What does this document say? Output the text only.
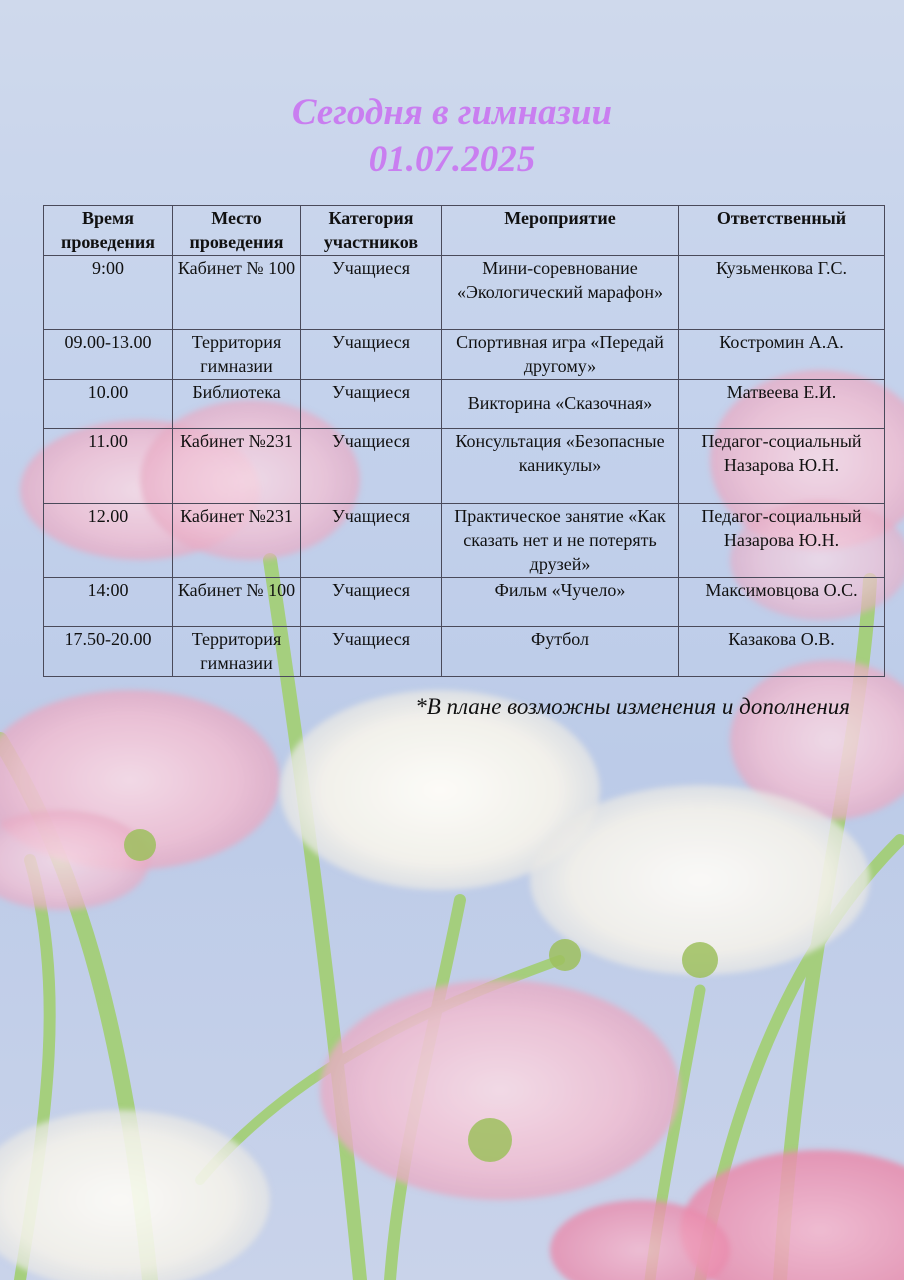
Сегодня в гимназии
01.07.2025
Время проведения	Место проведения	Категория участников	Мероприятие	Ответственный
9:00	Кабинет № 100	Учащиеся	Мини-соревнование «Экологический марафон»	Кузьменкова Г.С.
09.00-13.00	Территория гимназии	Учащиеся	Спортивная игра «Передай другому»	Костромин А.А.
10.00	Библиотека	Учащиеся	Викторина «Сказочная»	Матвеева Е.И.
11.00	Кабинет №231	Учащиеся	Консультация «Безопасные каникулы»	Педагог-социальный Назарова Ю.Н.
12.00	Кабинет №231	Учащиеся	Практическое занятие «Как сказать нет и не потерять друзей»	Педагог-социальный Назарова Ю.Н.
14:00	Кабинет № 100	Учащиеся	Фильм «Чучело»	Максимовцова О.С.
17.50-20.00	Территория гимназии	Учащиеся	Футбол	Казакова О.В.
*В плане возможны изменения и дополнения
